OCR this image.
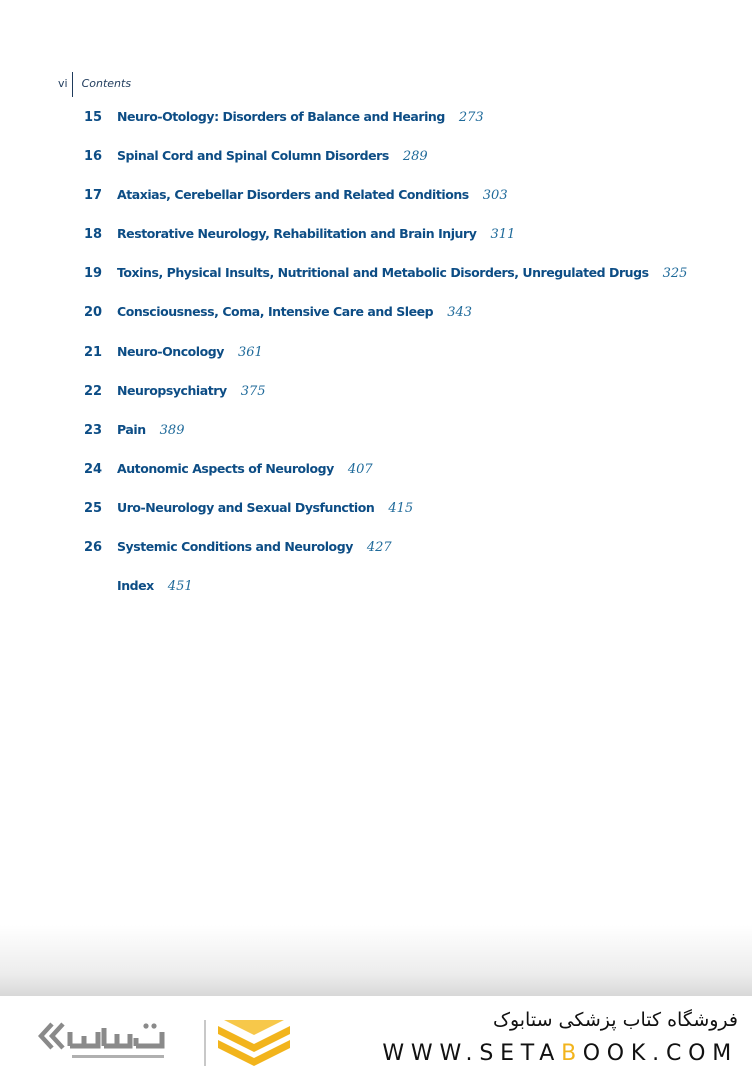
vi	Contents
15	Neuro-Otology: Disorders of Balance and Hearing 273
16	Spinal Cord and Spinal Column Disorders 289
17	Ataxias, Cerebellar Disorders and Related Conditions 303
18	Restorative Neurology, Rehabilitation and Brain Injury 311
19	Toxins, Physical Insults, Nutritional and Metabolic Disorders, Unregulated Drugs 325
20	Consciousness, Coma, Intensive Care and Sleep 343
21	Neuro-Oncology 361
22	Neuropsychiatry 375
23	Pain 389
24	Autonomic Aspects of Neurology 407
25	Uro-Neurology and Sexual Dysfunction 415
26	Systemic Conditions and Neurology 427
Index 451
فروشگاه کتاب پزشکی ستابوک
WWW.SETABOOK.COM
